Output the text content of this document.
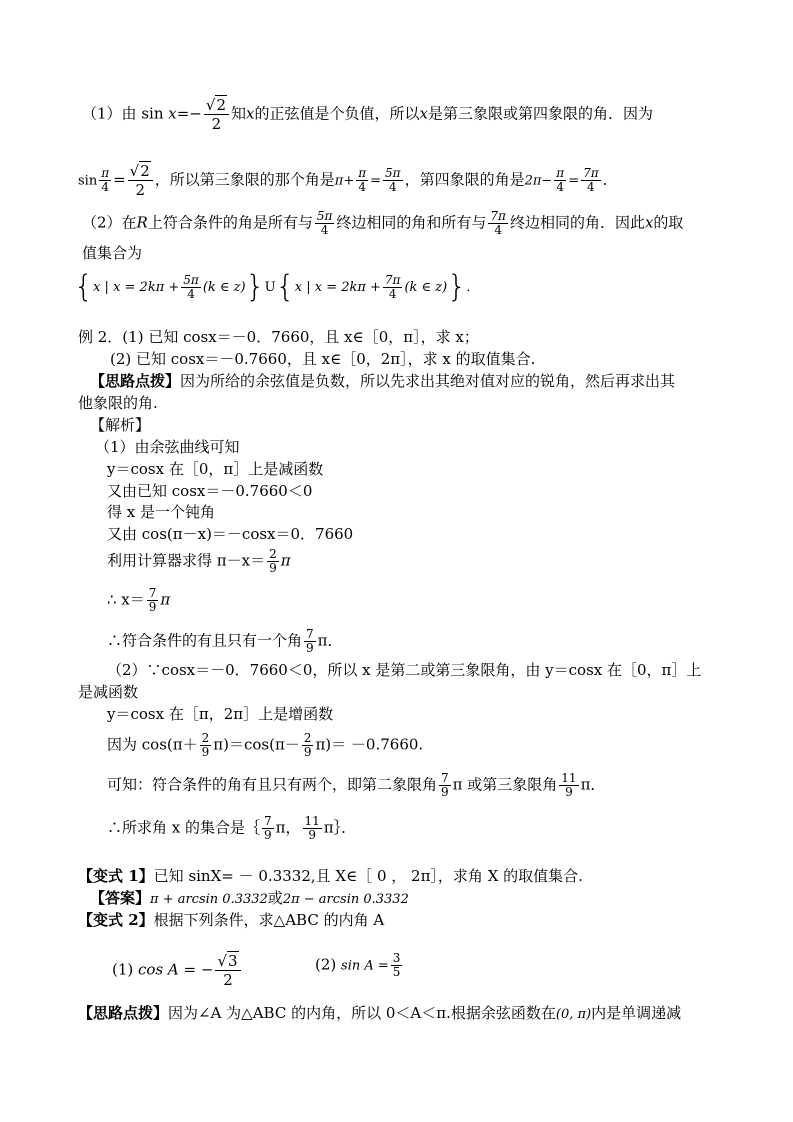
（1）由 $\sin x=- \frac{√2}{2}$ 知x的正弦值是个负值，所以x是第三象限或第四象限的角．因为
$\sin \frac{\pi}{4} = \frac{√2}{2}$ ，所以第三象限的那个角是$\pi+ \frac{\pi}{4} = \frac{5\pi}{4}$ ，第四象限的角是$2\pi- \frac{\pi}{4} = \frac{7\pi}{4}$ ．
（2）在R上符合条件的角是所有与 $\frac{5\pi}{4}$ 终边相同的角和所有与 $\frac{7\pi}{4}$ 终边相同的角．因此x的取
值集合为
{x | $x = 2k\pi + \frac{5\pi}{4} (k$ ∈ z)}U{x | $x = 2k\pi + \frac{7\pi}{4} (k$ ∈ z)}．
例 2．(1) 已知 cosx＝－0．7660，且 x∈［0，π］，求 x；
(2) 已知 cosx＝－0.7660，且 x∈［0，2π］，求 x 的取值集合.
【思路点拨】因为所给的余弦值是负数，所以先求出其绝对值对应的锐角，然后再求出其
他象限的角.
【解析】
（1）由余弦曲线可知
y＝cosx 在［0，π］上是减函数
又由已知 cosx＝－0.7660＜0
得 x 是一个钝角
又由 cos(π－x)＝－cosx＝0．7660
利用计算器求得 $\pi-x= \frac{2}{9}$ π
∴ $x= \frac{7}{9}$ π
∴符合条件的有且只有一个角 $\frac{7}{9}$ π．
（2）∵cosx＝－0．7660＜0，所以 x 是第二或第三象限角，由 y＝cosx 在［0，π］上
是减函数
y＝cosx 在［π，2π］上是增函数
因为 $\cos(\pi+ \frac{2}{9} \pi)=\cos(\pi- \frac{2}{9} \pi)= -0.7660$.
可知：符合条件的角有且只有两个，即第二象限角 $\frac{7}{9}$ π 或第三象限角 $\frac{11}{9}$ π．
∴所求角 x 的集合是｛ $\frac{7}{9}$ π， $\frac{11}{9}$ π｝．
【变式 1】已知 sinX= － 0.3332,且 X∈［ 0 ， 2π］，求角 X 的取值集合.
【答案】π + arcsin 0.3332或2π − arcsin 0.3332
【变式 2】根据下列条件，求△ABC 的内角 A
(1) cos A = − $\frac{√3}{2}$	(2) $\sin A = \frac{3}{5}$
【思路点拨】因为∠A 为△ABC 的内角，所以 0＜A＜π.根据余弦函数在(0, π)内是单调递减
